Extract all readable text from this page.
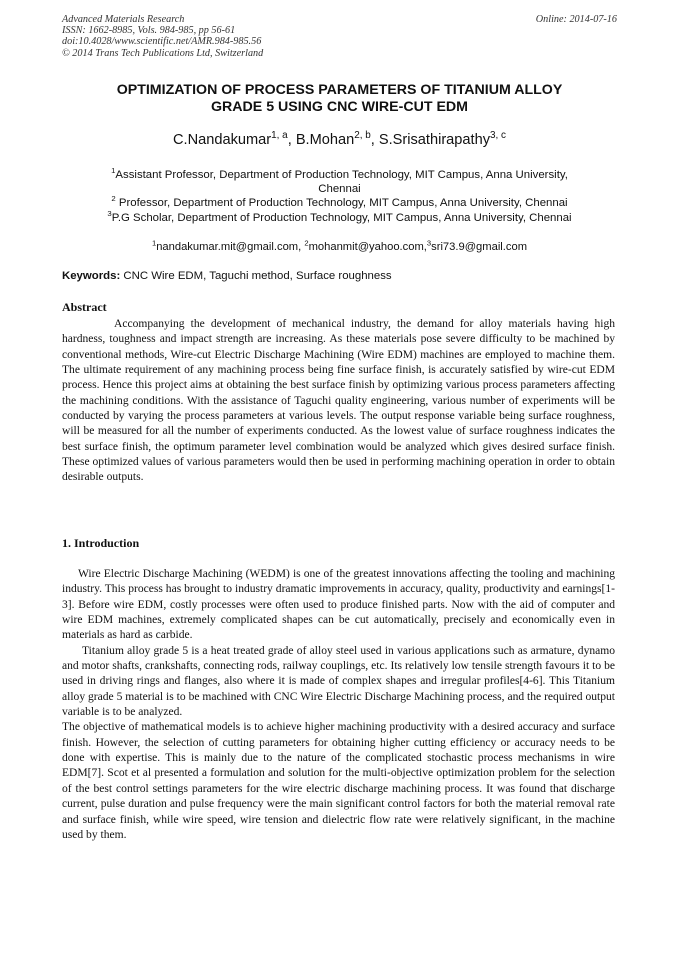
Advanced Materials Research
ISSN: 1662-8985, Vols. 984-985, pp 56-61
doi:10.4028/www.scientific.net/AMR.984-985.56
© 2014 Trans Tech Publications Ltd, Switzerland
Online: 2014-07-16
OPTIMIZATION OF PROCESS PARAMETERS OF TITANIUM ALLOY
GRADE 5 USING CNC WIRE-CUT EDM
C.Nandakumar$^{1, a}$, B.Mohan$^{2, b}$, S.Srisathirapathy$^{3, c}$
$^1$Assistant Professor, Department of Production Technology, MIT Campus, Anna University,
Chennai
$^2$ Professor, Department of Production Technology, MIT Campus, Anna University, Chennai
$^3$P.G Scholar, Department of Production Technology, MIT Campus, Anna University, Chennai
$^1$nandakumar.mit@gmail.com, $^2$mohanmit@yahoo.com,$^3$sri73.9@gmail.com
Keywords: CNC Wire EDM, Taguchi method, Surface roughness
Abstract

Accompanying the development of mechanical industry, the demand for alloy materials having high hardness, toughness and impact strength are increasing. As these materials pose severe difficulty to be machined by conventional methods, Wire-cut Electric Discharge Machining (Wire EDM) machines are employed to machine them. The ultimate requirement of any machining process being fine surface finish, is accurately satisfied by wire-cut EDM process. Hence this project aims at obtaining the best surface finish by optimizing various process parameters affecting the machining conditions. With the assistance of Taguchi quality engineering, various number of experiments will be conducted by varying the process parameters at various levels. The output response variable being surface roughness, will be measured for all the number of experiments conducted. As the lowest value of surface roughness indicates the best surface finish, the optimum parameter level combination would be analyzed which gives desired surface finish. These optimized values of various parameters would then be used in performing machining operation in order to obtain desirable outputs.

1. Introduction

Wire Electric Discharge Machining (WEDM) is one of the greatest innovations affecting the tooling and machining industry. This process has brought to industry dramatic improvements in accuracy, quality, productivity and earnings[1-3]. Before wire EDM, costly processes were often used to produce finished parts. Now with the aid of computer and wire EDM machines, extremely complicated shapes can be cut automatically, precisely and economically even in materials as hard as carbide.

Titanium alloy grade 5 is a heat treated grade of alloy steel used in various applications such as armature, dynamo and motor shafts, crankshafts, connecting rods, railway couplings, etc. Its relatively low tensile strength favours it to be used in driving rings and flanges, also where it is made of complex shapes and irregular profiles[4-6]. This Titanium alloy grade 5 material is to be machined with CNC Wire Electric Discharge Machining process, and the required output variable is to be analyzed.

The objective of mathematical models is to achieve higher machining productivity with a desired accuracy and surface finish. However, the selection of cutting parameters for obtaining higher cutting efficiency or accuracy needs to be done with expertise. This is mainly due to the nature of the complicated stochastic process mechanisms in wire EDM[7]. Scot et al presented a formulation and solution for the multi-objective optimization problem for the selection of the best control settings parameters for the wire electric discharge machining process. It was found that discharge current, pulse duration and pulse frequency were the main significant control factors for both the material removal rate and surface finish, while wire speed, wire tension and dielectric flow rate were relatively significant, in the machine used by them.
